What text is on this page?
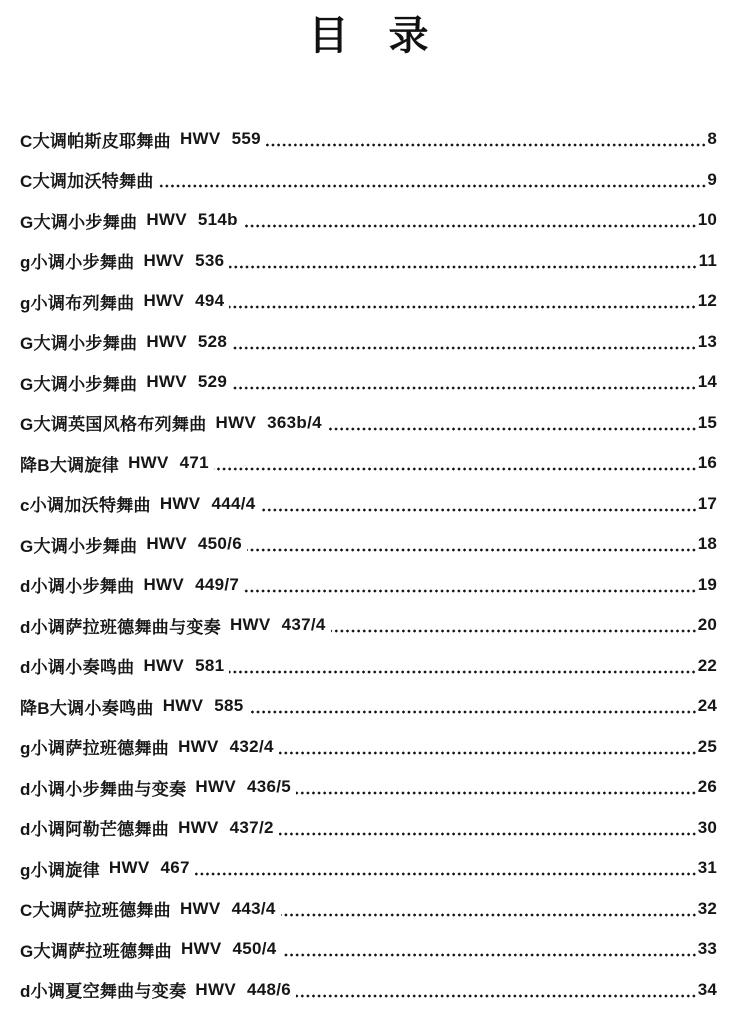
目 录
C大调帕斯皮耶舞曲 HWV 559	8
C大调加沃特舞曲	9
G大调小步舞曲 HWV 514b	10
g小调小步舞曲 HWV 536	11
g小调布列舞曲 HWV 494	12
G大调小步舞曲 HWV 528	13
G大调小步舞曲 HWV 529	14
G大调英国风格布列舞曲 HWV 363b/4	15
降B大调旋律 HWV 471	16
c小调加沃特舞曲 HWV 444/4	17
G大调小步舞曲 HWV 450/6	18
d小调小步舞曲 HWV 449/7	19
d小调萨拉班德舞曲与变奏 HWV 437/4	20
d小调小奏鸣曲 HWV 581	22
降B大调小奏鸣曲 HWV 585	24
g小调萨拉班德舞曲 HWV 432/4	25
d小调小步舞曲与变奏 HWV 436/5	26
d小调阿勒芒德舞曲 HWV 437/2	30
g小调旋律 HWV 467	31
C大调萨拉班德舞曲 HWV 443/4	32
G大调萨拉班德舞曲 HWV 450/4	33
d小调夏空舞曲与变奏 HWV 448/6	34
